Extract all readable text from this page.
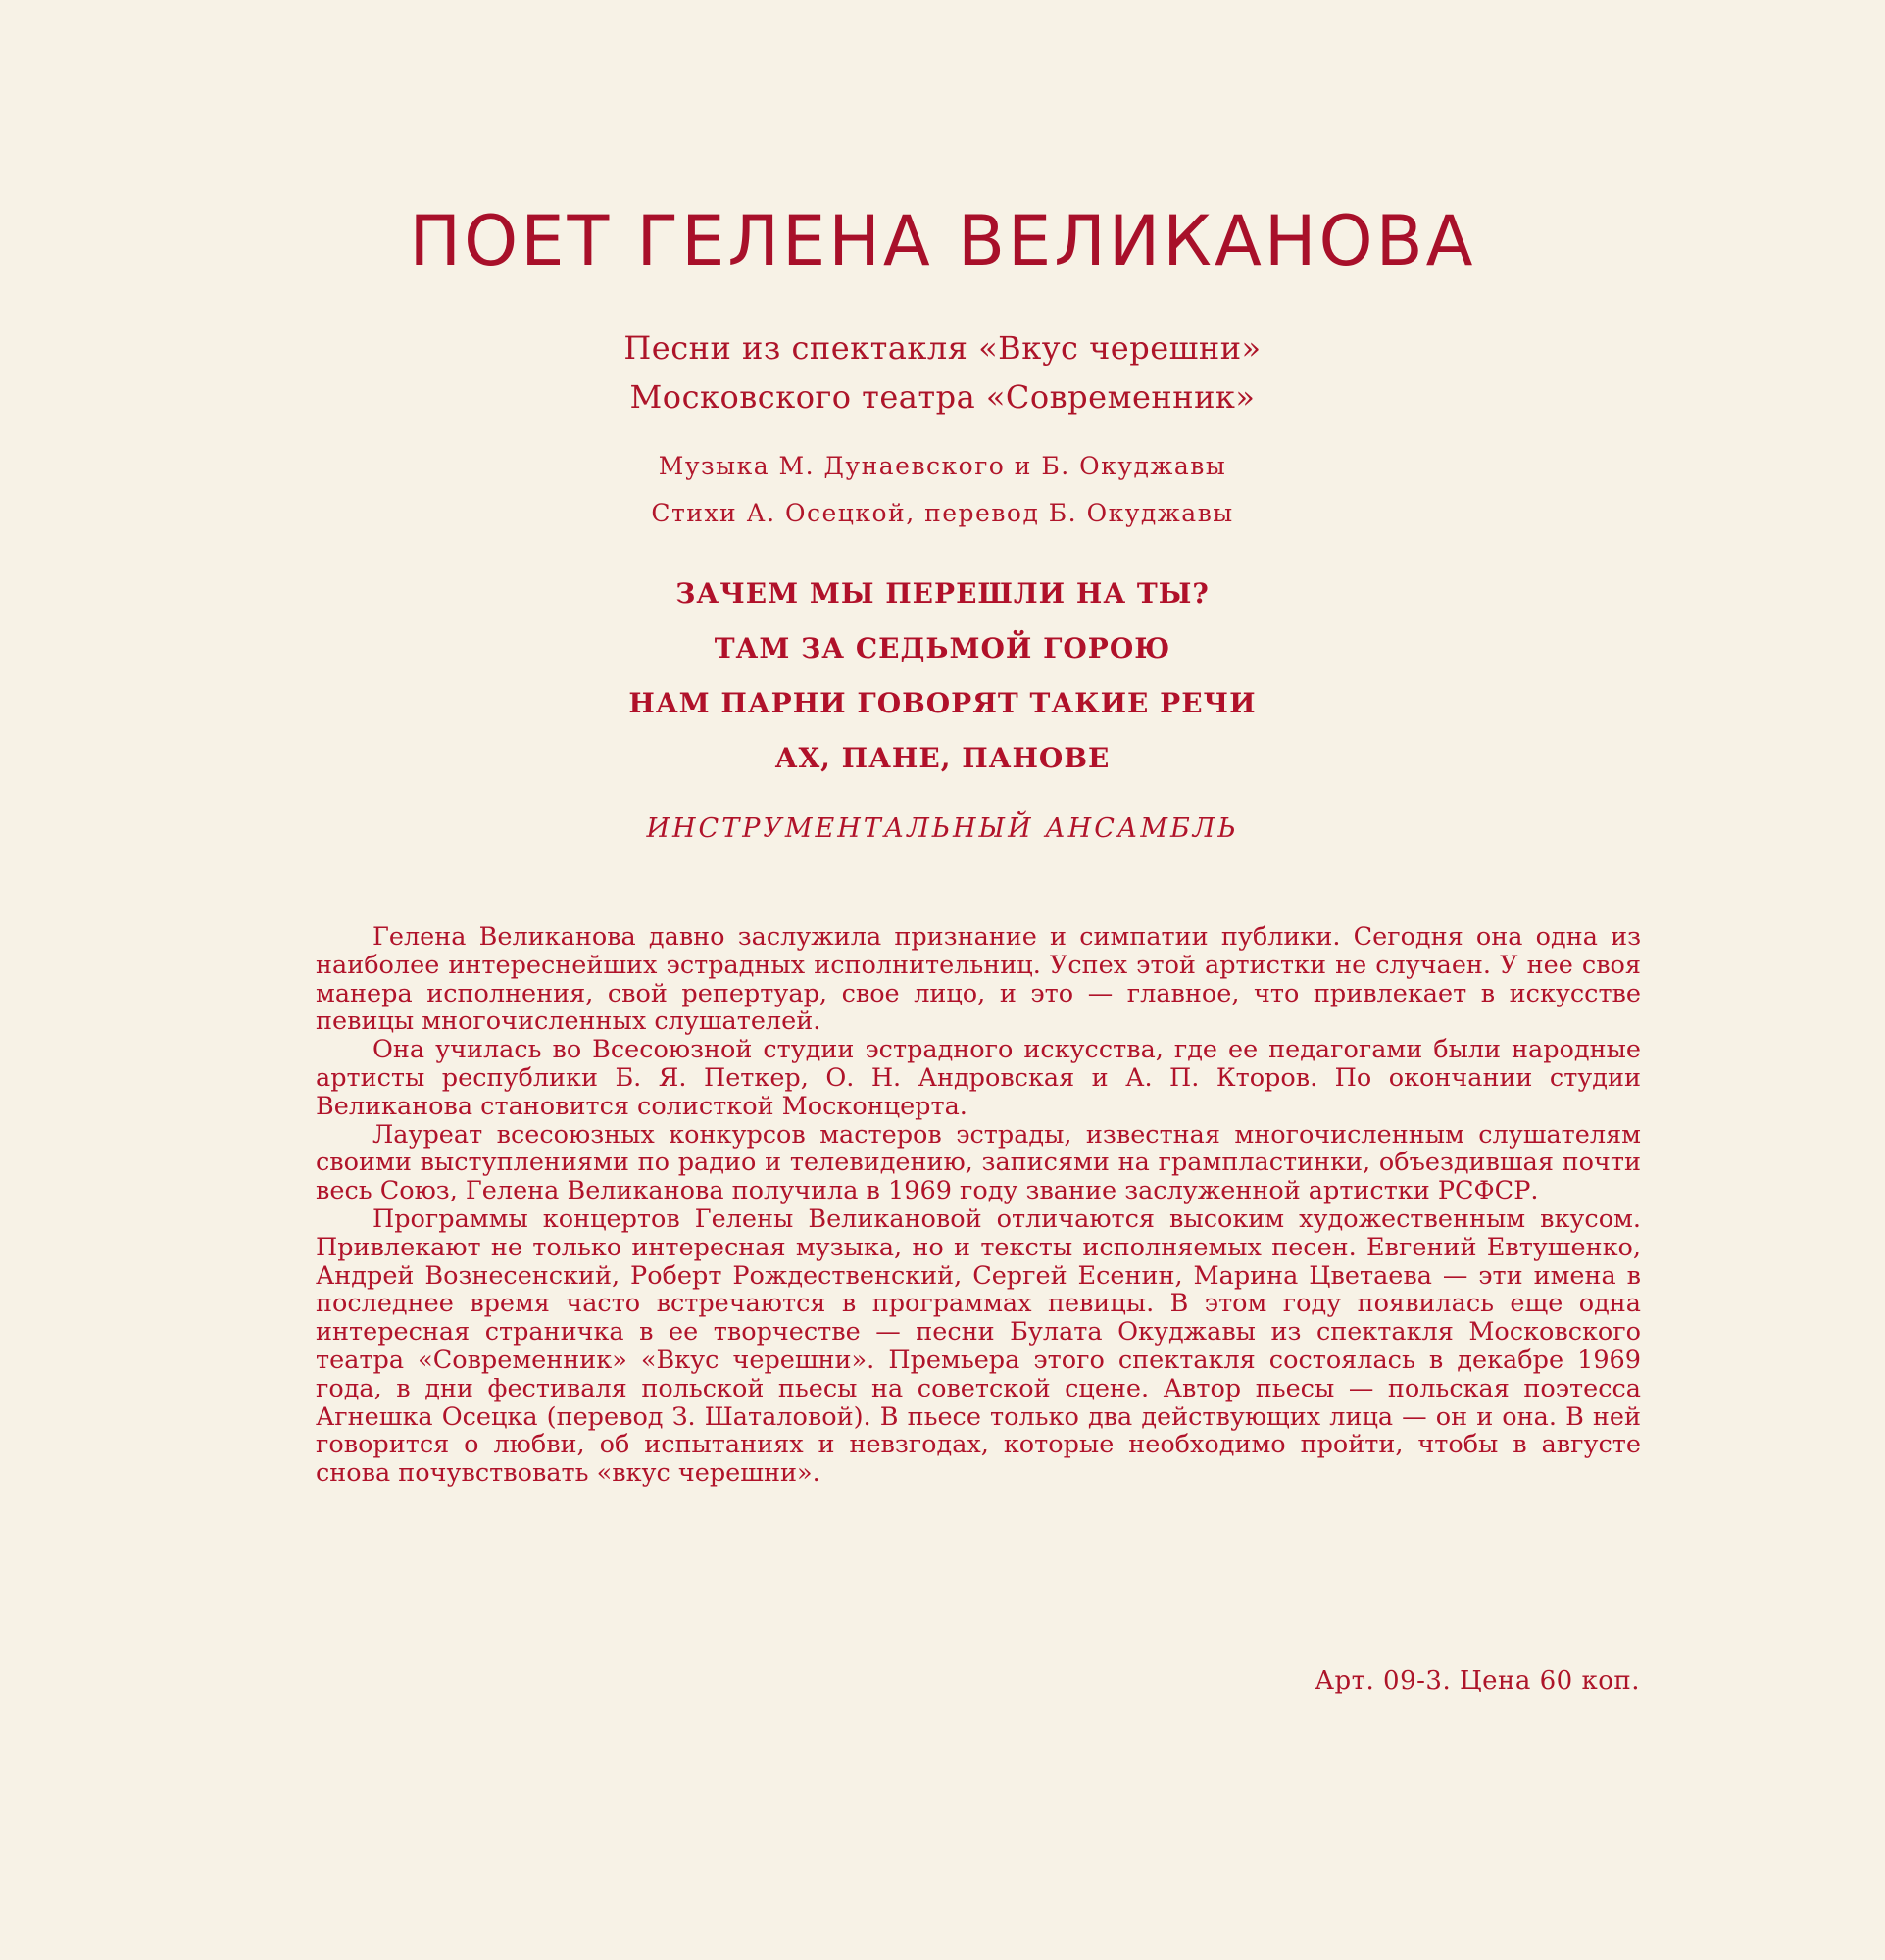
ПОЕТ ГЕЛЕНА ВЕЛИКАНОВА
Песни из спектакля «Вкус черешни»
Московского театра «Современник»
Музыка М. Дунаевского и Б. Окуджавы
Стихи А. Осецкой, перевод Б. Окуджавы
ЗАЧЕМ МЫ ПЕРЕШЛИ НА ТЫ?
ТАМ ЗА СЕДЬМОЙ ГОРОЮ
НАМ ПАРНИ ГОВОРЯТ ТАКИЕ РЕЧИ
АХ, ПАНЕ, ПАНОВЕ
ИНСТРУМЕНТАЛЬНЫЙ АНСАМБЛЬ

Гелена Великанова давно заслужила признание и симпатии публики. Сегодня она одна из наиболее интереснейших эстрадных исполнительниц. Успех этой артистки не случаен. У нее своя манера исполнения, свой репертуар, свое лицо, и это — главное, что привлекает в искусстве певицы многочисленных слушателей.

Она училась во Всесоюзной студии эстрадного искусства, где ее педагогами были народные артисты республики Б. Я. Петкер, О. Н. Андровская и А. П. Кторов. По окончании студии Великанова становится солисткой Москонцерта.

Лауреат всесоюзных конкурсов мастеров эстрады, известная многочисленным слушателям своими выступлениями по радио и телевидению, записями на грампластинки, объездившая почти весь Союз, Гелена Великанова получила в 1969 году звание заслуженной артистки РСФСР.

Программы концертов Гелены Великановой отличаются высоким художественным вкусом. Привлекают не только интересная музыка, но и тексты исполняемых песен. Евгений Евтушенко, Андрей Вознесенский, Роберт Рождественский, Сергей Есенин, Марина Цветаева — эти имена в последнее время часто встречаются в программах певицы. В этом году появилась еще одна интересная страничка в ее творчестве — песни Булата Окуджавы из спектакля Московского театра «Современник» «Вкус черешни». Премьера этого спектакля состоялась в декабре 1969 года, в дни фестиваля польской пьесы на советской сцене. Автор пьесы — польская поэтесса Агнешка Осецка (перевод З. Шаталовой). В пьесе только два действующих лица — он и она. В ней говорится о любви, об испытаниях и невзгодах, которые необходимо пройти, чтобы в августе снова почувствовать «вкус черешни».

Арт. 09-3. Цена 60 коп.
